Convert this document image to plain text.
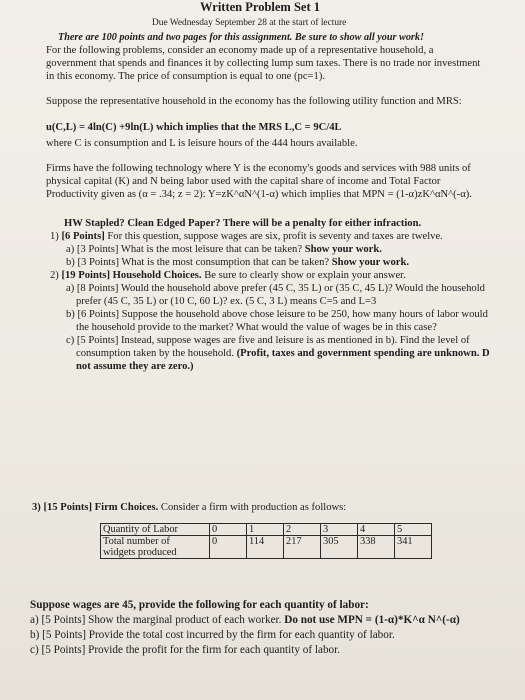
Written Problem Set 1
Due Wednesday September 28 at the start of lecture
There are 100 points and two pages for this assignment. Be sure to show all your work!
For the following problems, consider an economy made up of a representative household, a
government that spends and finances it by collecting lump sum taxes. There is no trade nor investment
in this economy. The price of consumption is equal to one (pc=1).
Suppose the representative household in the economy has the following utility function and MRS:
u(C,L) = 4ln(C) +9ln(L) which implies that the MRS L,C = 9C/4L
where C is consumption and L is leisure hours of the 444 hours available.
Firms have the following technology where Y is the economy's goods and services with 988 units of
physical capital (K) and N being labor used with the capital share of income and Total Factor
Productivity given as (α = .34; z = 2): Y=zK^αN^(1-α) which implies that MPN = (1-α)zK^αN^(-α).
HW Stapled? Clean Edged Paper? There will be a penalty for either infraction.
1) [6 Points] For this question, suppose wages are six, profit is seventy and taxes are twelve.
a) [3 Points] What is the most leisure that can be taken? Show your work.
b) [3 Points] What is the most consumption that can be taken? Show your work.
2) [19 Points] Household Choices. Be sure to clearly show or explain your answer.
a) [8 Points] Would the household above prefer (45 C, 35 L) or (35 C, 45 L)? Would the household
prefer (45 C, 35 L) or (10 C, 60 L)? ex. (5 C, 3 L) means C=5 and L=3
b) [6 Points] Suppose the household above chose leisure to be 250, how many hours of labor would
the household provide to the market? What would the value of wages be in this case?
c) [5 Points] Instead, suppose wages are five and leisure is as mentioned in b). Find the level of
consumption taken by the household. (Profit, taxes and government spending are unknown. D
not assume they are zero.)
3) [15 Points] Firm Choices. Consider a firm with production as follows:
Quantity of Labor	0	1	2	3	4	5

Total number of
widgets produced	0	114	217	305	338	341
Suppose wages are 45, provide the following for each quantity of labor:
a) [5 Points] Show the marginal product of each worker. Do not use MPN = (1-α)*K^α N^(-α)
b) [5 Points] Provide the total cost incurred by the firm for each quantity of labor.
c) [5 Points] Provide the profit for the firm for each quantity of labor.
